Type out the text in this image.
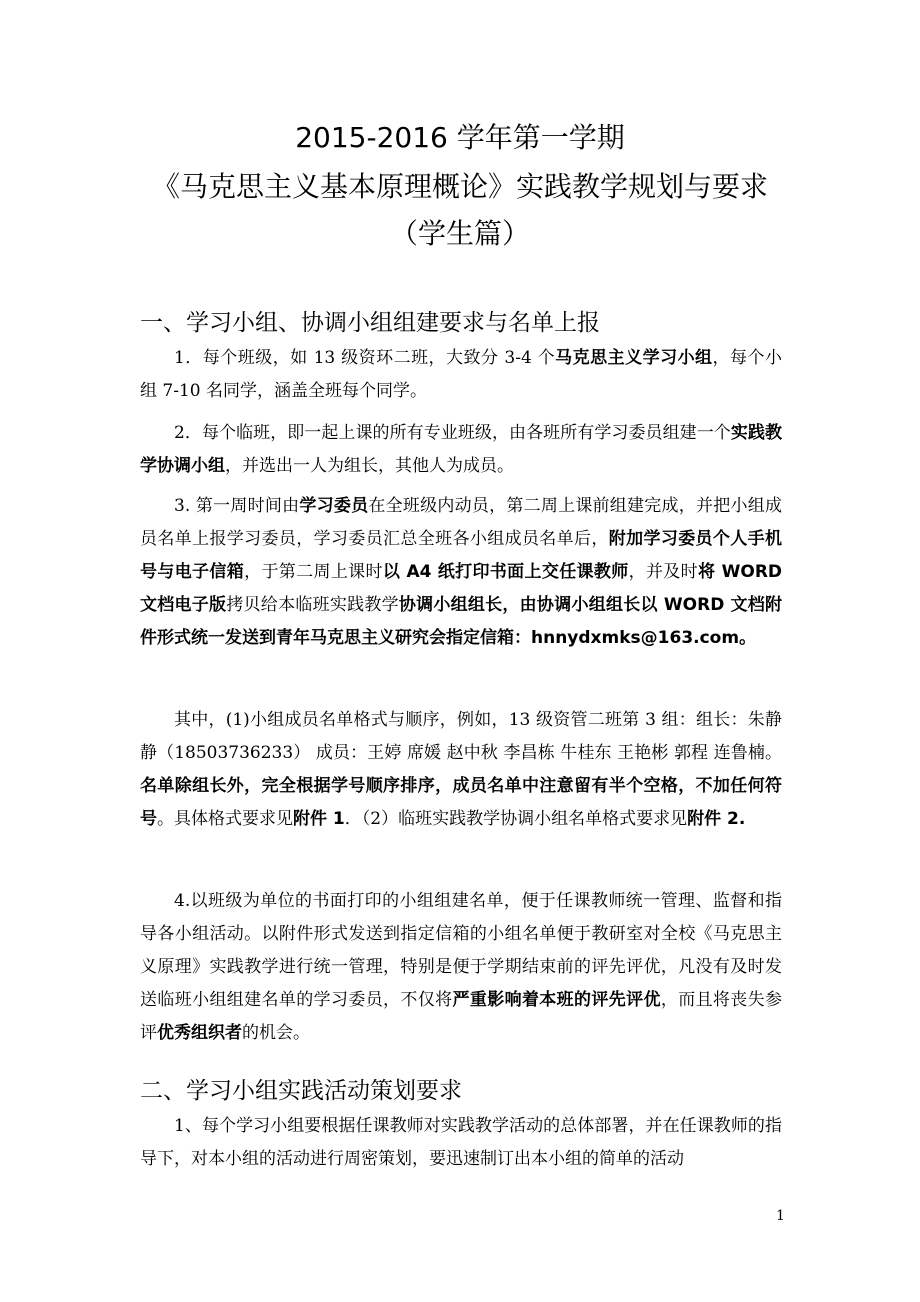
2015-2016 学年第一学期
《马克思主义基本原理概论》实践教学规划与要求
（学生篇）
一、学习小组、协调小组组建要求与名单上报
1．每个班级，如 13 级资环二班，大致分 3-4 个马克思主义学习小组，每个小组 7-10 名同学，涵盖全班每个同学。
2．每个临班，即一起上课的所有专业班级，由各班所有学习委员组建一个实践教学协调小组，并选出一人为组长，其他人为成员。
3. 第一周时间由学习委员在全班级内动员，第二周上课前组建完成，并把小组成员名单上报学习委员，学习委员汇总全班各小组成员名单后，附加学习委员个人手机号与电子信箱，于第二周上课时以 A4 纸打印书面上交任课教师，并及时将 WORD 文档电子版拷贝给本临班实践教学协调小组组长，由协调小组组长以 WORD 文档附件形式统一发送到青年马克思主义研究会指定信箱：hnnydxmks@163.com。
其中，(1)小组成员名单格式与顺序，例如，13 级资管二班第 3 组：组长：朱静静（18503736233） 成员：王婷 席媛 赵中秋 李昌栋 牛桂东 王艳彬 郭程 连鲁楠。名单除组长外，完全根据学号顺序排序，成员名单中注意留有半个空格，不加任何符号。具体格式要求见附件 1．（2）临班实践教学协调小组名单格式要求见附件 2.
4.以班级为单位的书面打印的小组组建名单，便于任课教师统一管理、监督和指导各小组活动。以附件形式发送到指定信箱的小组名单便于教研室对全校《马克思主义原理》实践教学进行统一管理，特别是便于学期结束前的评先评优，凡没有及时发送临班小组组建名单的学习委员，不仅将严重影响着本班的评先评优，而且将丧失参评优秀组织者的机会。
二、学习小组实践活动策划要求
1、每个学习小组要根据任课教师对实践教学活动的总体部署，并在任课教师的指导下，对本小组的活动进行周密策划，要迅速制订出本小组的简单的活动
1
